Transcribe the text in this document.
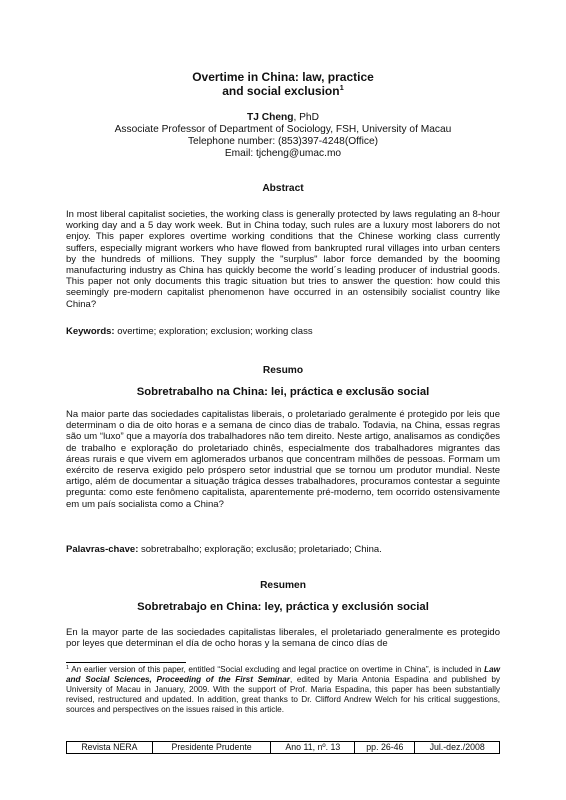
Overtime in China: law, practice
and social exclusion$^1$
TJ Cheng, PhD
Associate Professor of Department of Sociology, FSH, University of Macau
Telephone number: (853)397-4248(Office)
Email: tjcheng@umac.mo
Abstract

In most liberal capitalist societies, the working class is generally protected by laws regulating an 8-hour working day and a 5 day work week. But in China today, such rules are a luxury most laborers do not enjoy. This paper explores overtime working conditions that the Chinese working class currently suffers, especially migrant workers who have flowed from bankrupted rural villages into urban centers by the hundreds of millions. They supply the "surplus" labor force demanded by the booming manufacturing industry as China has quickly become the world´s leading producer of industrial goods. This paper not only documents this tragic situation but tries to answer the question: how could this seemingly pre-modern capitalist phenomenon have occurred in an ostensibily socialist country like China?

Keywords: overtime; exploration; exclusion; working class

Resumo
Sobretrabalho na China: lei, práctica e exclusão social

Na maior parte das sociedades capitalistas liberais, o proletariado geralmente é protegido por leis que determinam o dia de oito horas e a semana de cinco dias de trabalo. Todavia, na China, essas regras são um “luxo” que a mayoría dos trabalhadores não tem direito. Neste artigo, analisamos as condições de trabalho e exploração do proletariado chinês, especialmente dos trabalhadores migrantes das áreas rurais e que vivem em aglomerados urbanos que concentram milhões de pessoas. Formam um exército de reserva exigido pelo próspero setor industrial que se tornou um produtor mundial. Neste artigo, além de documentar a situação trágica desses trabalhadores, procuramos contestar a seguinte pregunta: como este fenômeno capitalista, aparentemente pré-moderno, tem ocorrido ostensivamente em um país socialista como a China?

Palavras-chave: sobretrabalho; exploração; exclusão; proletariado; China.

Resumen
Sobretrabajo en China: ley, práctica y exclusión social

En la mayor parte de las sociedades capitalistas liberales, el proletariado generalmente es protegido por leyes que determinan el día de ocho horas y la semana de cinco días de

$^1$ An earlier version of this paper, entitled “Social excluding and legal practice on overtime in China”, is included in Law and Social Sciences, Proceeding of the First Seminar, edited by Maria Antonia Espadina and published by University of Macau in January, 2009. With the support of Prof. Maria Espadina, this paper has been substantially revised, restructured and updated. In addition, great thanks to Dr. Clifford Andrew Welch for his critical suggestions, sources and perspectives on the issues raised in this article.

Revista NERA	Presidente Prudente	Ano 11, nº. 13	pp. 26-46	Jul.-dez./2008
